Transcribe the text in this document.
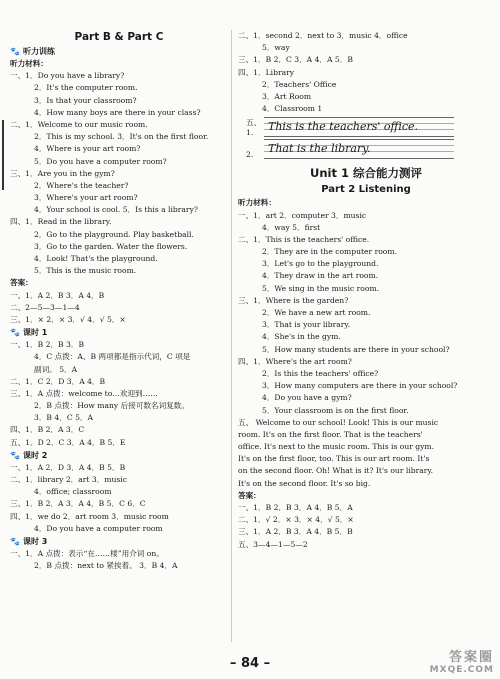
Part B & Part C
🐾 听力训练
听力材料：
一、1．Do you have a library?
2．It's the computer room.
3．Is that your classroom?
4．How many boys are there in your class?
二、1．Welcome to our music room.
2．This is my school. 3．It's on the first floor.
4．Where is your art room?
5．Do you have a computer room?
三、1．Are you in the gym?
2．Where's the teacher?
3．Where's your art room?
4．Your school is cool. 5．Is this a library?
四、1．Read in the library.
2．Go to the playground. Play basketball.
3．Go to the garden. Water the flowers.
4．Look! That's the playground.
5．This is the music room.
答案：
一、1．A 2．B 3．A 4．B
二、2—5—3—1—4
三、1．× 2．× 3．√ 4．√ 5．×
🐾 课时 1
一、1．B 2．B 3．B
4．C 点拨：A、B 两项都是指示代词，C 项是
副词。 5．A
二、1．C 2．D 3．A 4．B
三、1．A 点拨：welcome to…欢迎到……
2．B 点拨：How many 后接可数名词复数。
3．B 4．C 5．A
四、1．B 2．A 3．C
五、1．D 2．C 3．A 4．B 5．E
🐾 课时 2
一、1．A 2．D 3．A 4．B 5．B
二、1．library 2．art 3．music
4．office; classroom
三、1．B 2．A 3．A 4．B 5．C 6．C
四、1．we do 2．art room 3．music room
4．Do you have a computer room
🐾 课时 3
一、1．A 点拨：表示“在……楼”用介词 on。
2．B 点拨：next to 紧挨着。 3．B 4．A
二、1．second 2．next to 3．music 4．office
5．way
三、1．B 2．C 3．A 4．A 5．B
四、1．Library
2．Teachers' Office
3．Art Room
4．Classroom 1
五、1.	This is the teachers' office.
2.	That is the library.
Unit 1 综合能力测评
Part 2 Listening
听力材料：
一、1．art 2．computer 3．music
4．way 5．first
二、1．This is the teachers' office.
2．They are in the computer room.
3．Let's go to the playground.
4．They draw in the art room.
5．We sing in the music room.
三、1．Where is the garden?
2．We have a new art room.
3．That is your library.
4．She's in the gym.
5．How many students are there in your school?
四、1．Where's the art room?
2．Is this the teachers' office?
3．How many computers are there in your school?
4．Do you have a gym?
5．Your classroom is on the first floor.
五、 Welcome to our school! Look! This is our music
room. It's on the first floor. That is the teachers'
office. It's next to the music room. This is our gym.
It's on the first floor, too. This is our art room. It's
on the second floor. Oh! What is it? It's our library.
It's on the second floor. It's so big.
答案：
一、1．B 2．B 3．A 4．B 5．A
二、1．√ 2．× 3．× 4．√ 5．×
三、1．A 2．B 3．A 4．B 5．B
五、3—4—1—5—2
– 84 –	答案圈
MXQE.COM
